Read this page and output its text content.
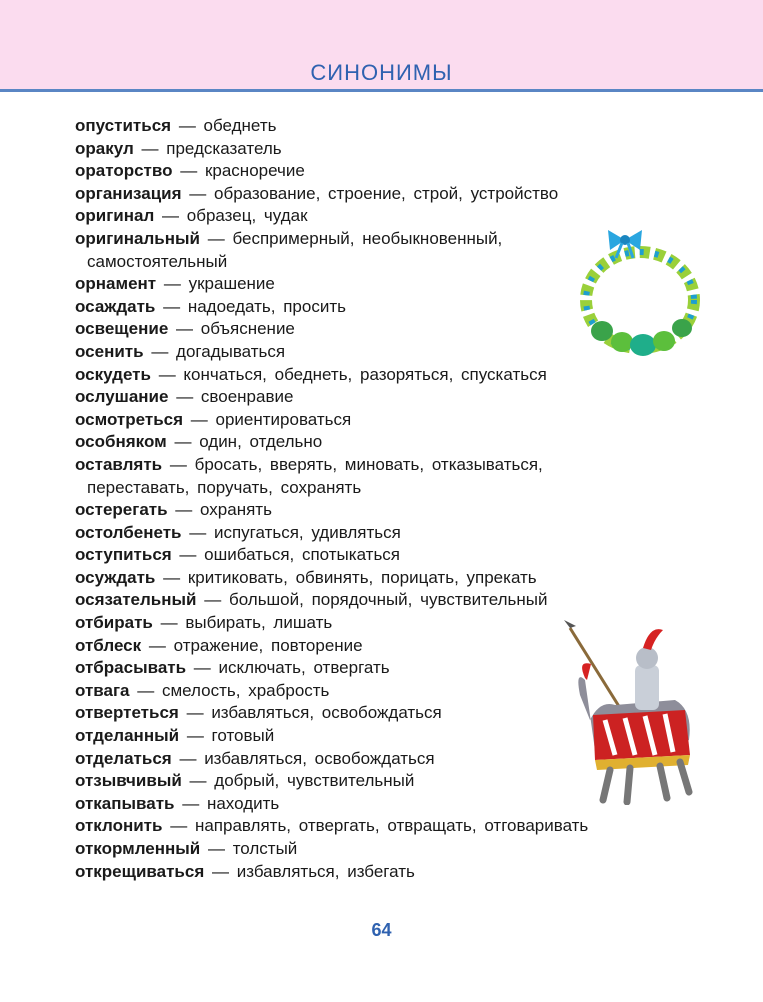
СИНОНИМЫ
опуститься — обеднеть
оракул — предсказатель
ораторство — красноречие
организация — образование, строение, строй, устройство
оригинал — образец, чудак
оригинальный — беспримерный, необыкновенный,
самостоятельный
орнамент — украшение
осаждать — надоедать, просить
освещение — объяснение
осенить — догадываться
оскудеть — кончаться, обеднеть, разоряться, спускаться
ослушание — своенравие
осмотреться — ориентироваться
особняком — один, отдельно
оставлять — бросать, вверять, миновать, отказываться,
переставать, поручать, сохранять
остерегать — охранять
остолбенеть — испугаться, удивляться
оступиться — ошибаться, спотыкаться
осуждать — критиковать, обвинять, порицать, упрекать
осязательный — большой, порядочный, чувствительный
отбирать — выбирать, лишать
отблеск — отражение, повторение
отбрасывать — исключать, отвергать
отвага — смелость, храбрость
отвертеться — избавляться, освобождаться
отделанный — готовый
отделаться — избавляться, освобождаться
отзывчивый — добрый, чувствительный
откапывать — находить
отклонить — направлять, отвергать, отвращать, отговаривать
откормленный — толстый
открещиваться — избавляться, избегать
64
